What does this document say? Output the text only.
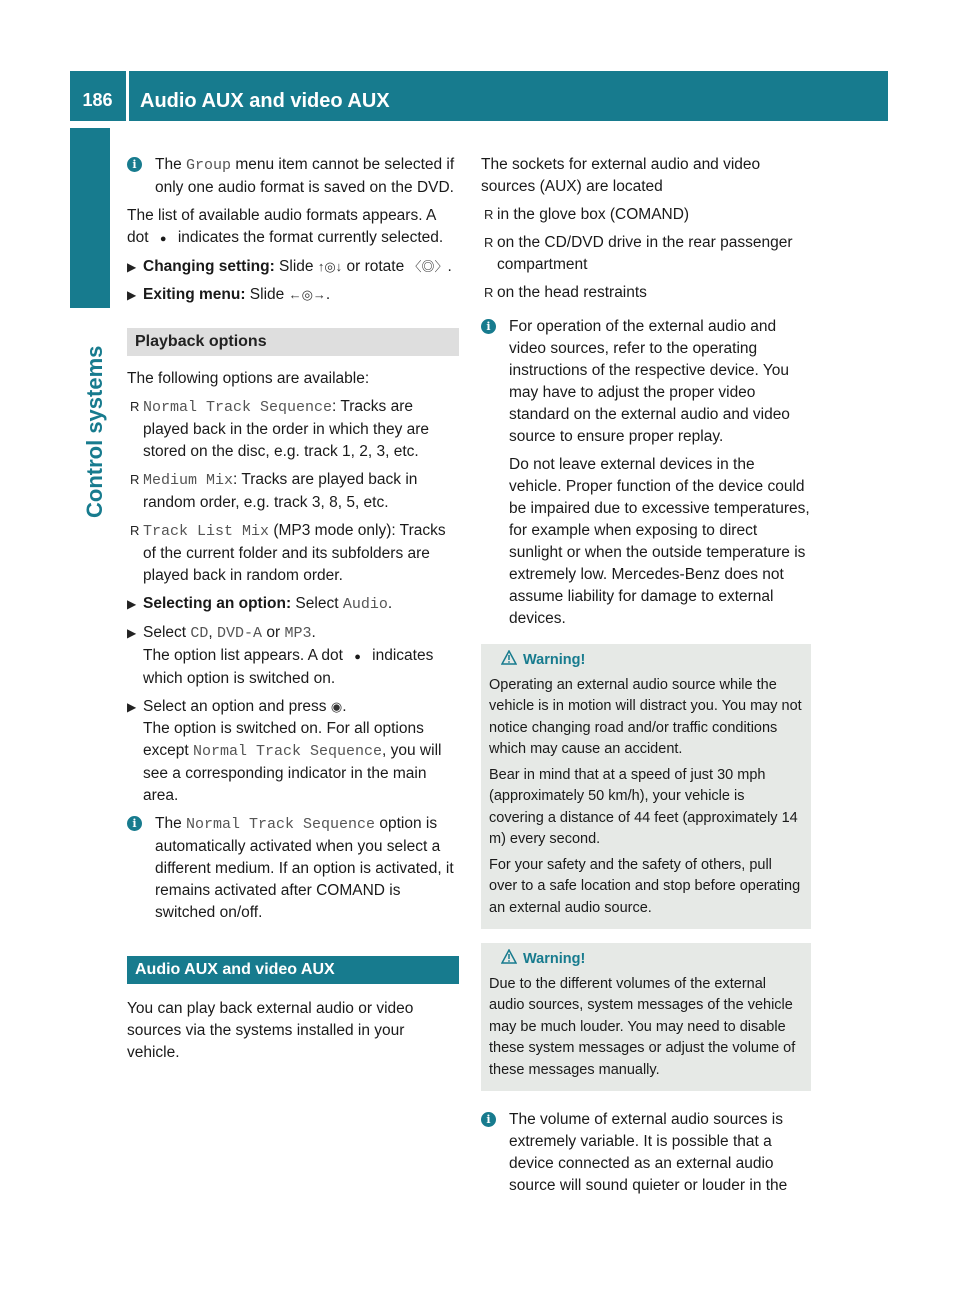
186	Audio AUX and video AUX
Control systems
i	The Group menu item cannot be selected if only one audio format is saved on the DVD.

The list of available audio formats appears. A dot ● indicates the format currently selected.

▶ Changing setting: Slide ↑◎↓ or rotate 〈◎〉.
▶ Exiting menu: Slide ←◎→.
Playback options

The following options are available:

R Normal Track Sequence: Tracks are played back in the order in which they are stored on the disc, e.g. track 1, 2, 3, etc.
R Medium Mix: Tracks are played back in random order, e.g. track 3, 8, 5, etc.
R Track List Mix (MP3 mode only): Tracks of the current folder and its subfolders are played back in random order.
▶ Selecting an option: Select Audio.
▶ Select CD, DVD-A or MP3.
The option list appears. A dot ● indicates which option is switched on.
▶ Select an option and press ◉.
The option is switched on. For all options except Normal Track Sequence, you will see a corresponding indicator in the main area.
i	The Normal Track Sequence option is automatically activated when you select a different medium. If an option is activated, it remains activated after COMAND is switched on/off.
Audio AUX and video AUX

You can play back external audio or video sources via the systems installed in your vehicle.

The sockets for external audio and video sources (AUX) are located

R in the glove box (COMAND)
R on the CD/DVD drive in the rear passenger compartment
R on the head restraints
i	For operation of the external audio and video sources, refer to the operating instructions of the respective device. You may have to adjust the proper video standard on the external audio and video source to ensure proper replay.

Do not leave external devices in the vehicle. Proper function of the device could be impaired due to excessive temperatures, for example when exposing to direct sunlight or when the outside temperature is extremely low. Mercedes-Benz does not assume liability for damage to external devices.

Warning!

Operating an external audio source while the vehicle is in motion will distract you. You may not notice changing road and/or traffic conditions which may cause an accident.

Bear in mind that at a speed of just 30 mph (approximately 50 km/h), your vehicle is covering a distance of 44 feet (approximately 14 m) every second.

For your safety and the safety of others, pull over to a safe location and stop before operating an external audio source.

Warning!

Due to the different volumes of the external audio sources, system messages of the vehicle may be much louder. You may need to disable these system messages or adjust the volume of these messages manually.

i	The volume of external audio sources is extremely variable. It is possible that a device connected as an external audio source will sound quieter or louder in the
